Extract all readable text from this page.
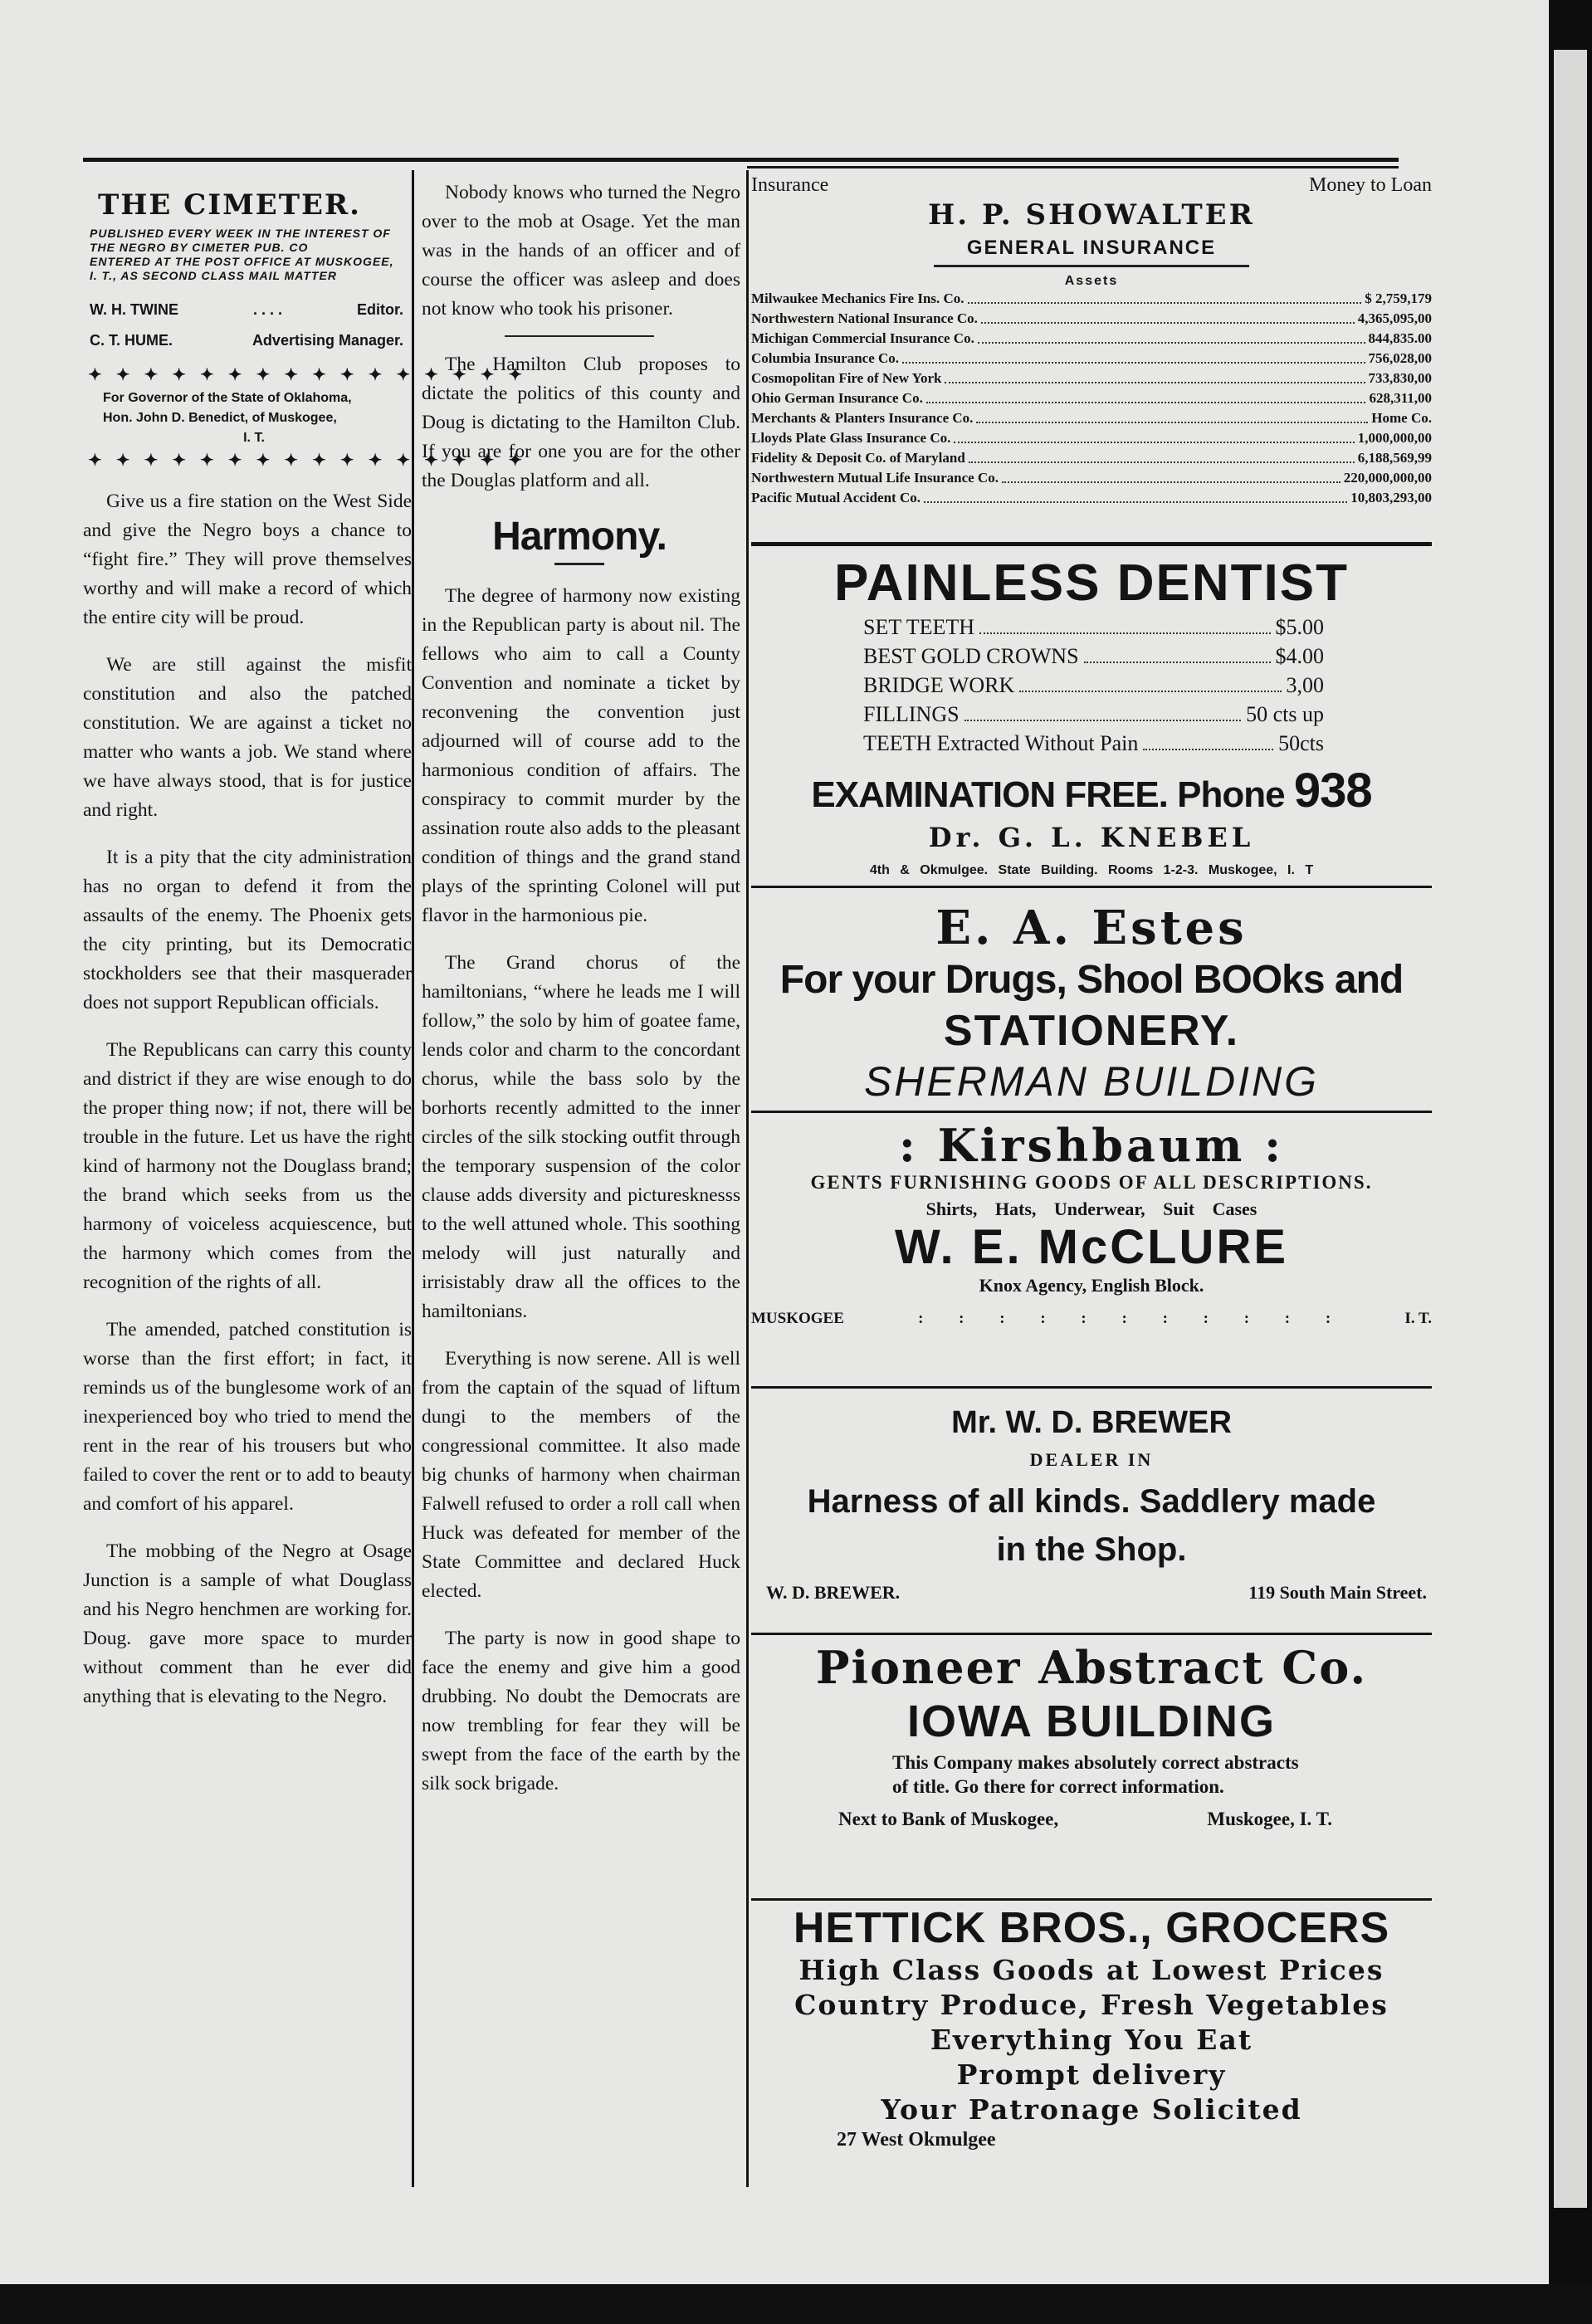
THE CIMETER.
PUBLISHED EVERY WEEK IN THE INTEREST OF THE NEGRO BY CIMETER PUB. CO
ENTERED AT THE POST OFFICE AT MUSKOGEE, I. T., AS SECOND CLASS MAIL MATTER
W. H. TWINE	. . . .	Editor.
C. T. HUME.	Advertising Manager.
✦ ✦ ✦ ✦ ✦ ✦ ✦ ✦ ✦ ✦ ✦ ✦ ✦ ✦ ✦ ✦
For Governor of the State of Oklahoma,
Hon. John D. Benedict, of Muskogee,
I. T.
✦ ✦ ✦ ✦ ✦ ✦ ✦ ✦ ✦ ✦ ✦ ✦ ✦ ✦ ✦ ✦

Give us a fire station on the West Side and give the Negro boys a chance to “fight fire.” They will prove themselves worthy and will make a record of which the entire city will be proud.

We are still against the misfit constitution and also the patched constitution. We are against a ticket no matter who wants a job. We stand where we have always stood, that is for justice and right.

It is a pity that the city administration has no organ to defend it from the assaults of the enemy. The Phoenix gets the city printing, but its Democratic stockholders see that their masquerader does not support Republican officials.

The Republicans can carry this county and district if they are wise enough to do the proper thing now; if not, there will be trouble in the future. Let us have the right kind of harmony not the Douglass brand; the brand which seeks from us the harmony of voiceless acquiescence, but the harmony which comes from the recognition of the rights of all.

The amended, patched constitution is worse than the first effort; in fact, it reminds us of the bunglesome work of an inexperienced boy who tried to mend the rent in the rear of his trousers but who failed to cover the rent or to add to beauty and comfort of his apparel.

The mobbing of the Negro at Osage Junction is a sample of what Douglass and his Negro henchmen are working for. Doug. gave more space to murder without comment than he ever did anything that is elevating to the Negro.

Nobody knows who turned the Negro over to the mob at Osage. Yet the man was in the hands of an officer and of course the officer was asleep and does not know who took his prisoner.

The Hamilton Club proposes to dictate the politics of this county and Doug is dictating to the Hamilton Club. If you are for one you are for the other the Douglas platform and all.

Harmony.

The degree of harmony now existing in the Republican party is about nil. The fellows who aim to call a County Convention and nominate a ticket by reconvening the convention just adjourned will of course add to the harmonious condition of affairs. The conspiracy to commit murder by the assination route also adds to the pleasant condition of things and the grand stand plays of the sprinting Colonel will put flavor in the harmonious pie.

The Grand chorus of the hamiltonians, “where he leads me I will follow,” the solo by him of goatee fame, lends color and charm to the concordant chorus, while the bass solo by the borhorts recently admitted to the inner circles of the silk stocking outfit through the temporary suspension of the color clause adds diversity and picturesknesss to the well attuned whole. This soothing melody will just naturally and irrisistably draw all the offices to the hamiltonians.

Everything is now serene. All is well from the captain of the squad of liftum dungi to the members of the congressional committee. It also made big chunks of harmony when chairman Falwell refused to order a roll call when Huck was defeated for member of the State Committee and declared Huck elected.

The party is now in good shape to face the enemy and give him a good drubbing. No doubt the Democrats are now trembling for fear they will be swept from the face of the earth by the silk sock brigade.

Insurance	Money to Loan
H. P. SHOWALTER
GENERAL INSURANCE
Assets
Milwaukee Mechanics Fire Ins. Co.	$ 2,759,179
Northwestern National Insurance Co.	4,365,095,00
Michigan Commercial Insurance Co.	844,835.00
Columbia Insurance Co.	756,028,00
Cosmopolitan Fire of New York	733,830,00
Ohio German Insurance Co.	628,311,00
Merchants & Planters Insurance Co.	Home Co.
Lloyds Plate Glass Insurance Co.	1,000,000,00
Fidelity & Deposit Co. of Maryland	6,188,569,99
Northwestern Mutual Life Insurance Co.	220,000,000,00
Pacific Mutual Accident Co.	10,803,293,00
PAINLESS DENTIST
SET TEETH	$5.00
BEST GOLD CROWNS	$4.00
BRIDGE WORK	3,00
FILLINGS	50 cts up
TEETH Extracted Without Pain	50cts
EXAMINATION FREE. Phone 938
Dr. G. L. KNEBEL
4th & Okmulgee. State Building. Rooms 1-2-3. Muskogee, I. T
E. A. Estes
For your Drugs, Shool BOOks and
STATIONERY.
SHERMAN BUILDING
: Kirshbaum :
GENTS FURNISHING GOODS OF ALL DESCRIPTIONS.
Shirts, Hats, Underwear, Suit Cases
W. E. McCLURE
Knox Agency, English Block.
MUSKOGEE	: : : : : : : : : : :	I. T.
Mr. W. D. BREWER
DEALER IN
Harness of all kinds. Saddlery made
in the Shop.
W. D. BREWER.	119 South Main Street.
Pioneer Abstract Co.
IOWA BUILDING
This Company makes absolutely correct abstracts of title. Go there for correct information.
Next to Bank of Muskogee,	Muskogee, I. T.
HETTICK BROS., GROCERS
High Class Goods at Lowest Prices
Country Produce, Fresh Vegetables
Everything You Eat
Prompt delivery
Your Patronage Solicited
27 West Okmulgee
